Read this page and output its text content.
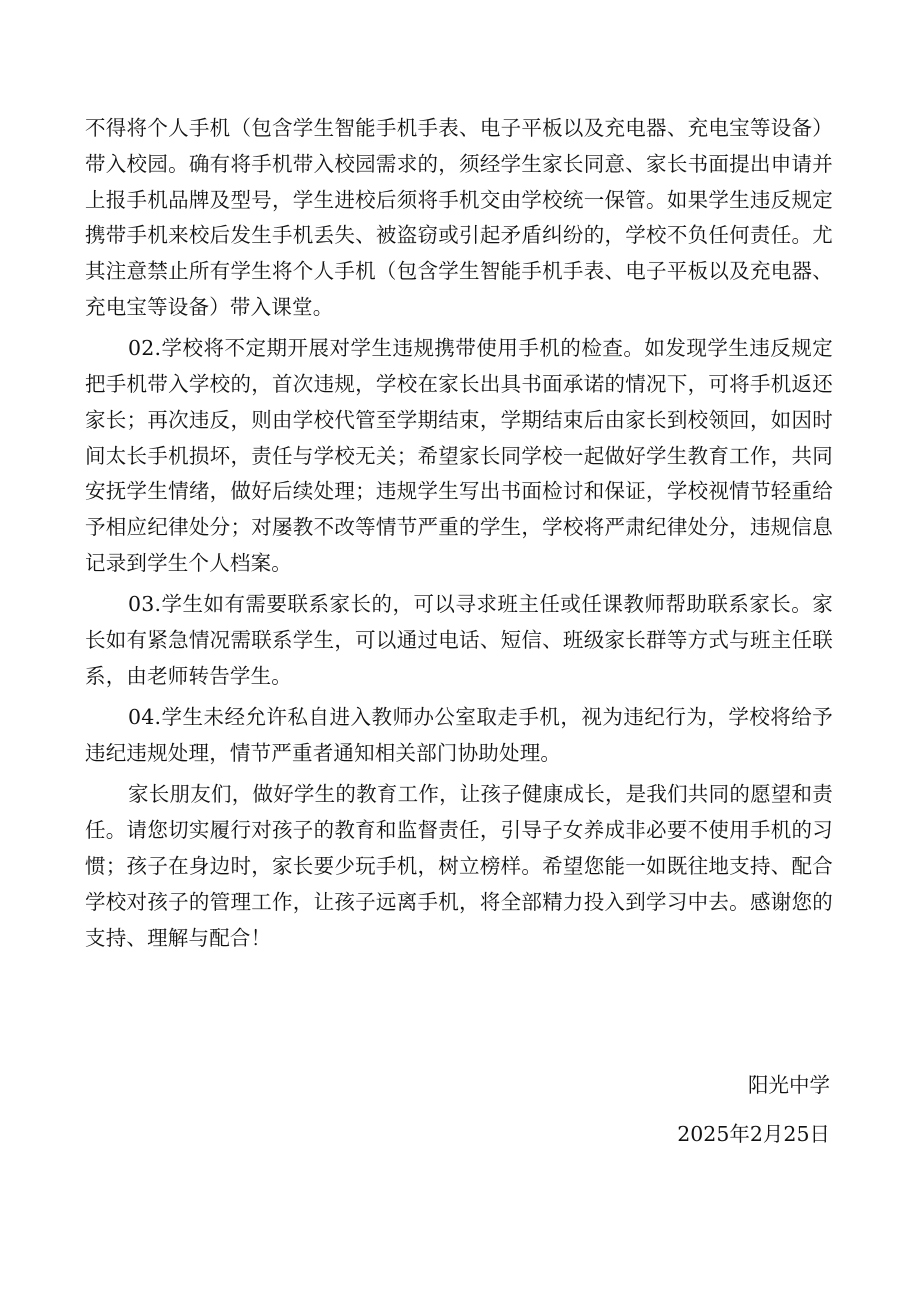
不得将个人手机（包含学生智能手机手表、电子平板以及充电器、充电宝等设备）带入校园。确有将手机带入校园需求的，须经学生家长同意、家长书面提出申请并上报手机品牌及型号，学生进校后须将手机交由学校统一保管。如果学生违反规定携带手机来校后发生手机丢失、被盗窃或引起矛盾纠纷的，学校不负任何责任。尤其注意禁止所有学生将个人手机（包含学生智能手机手表、电子平板以及充电器、充电宝等设备）带入课堂。

02.学校将不定期开展对学生违规携带使用手机的检查。如发现学生违反规定把手机带入学校的，首次违规，学校在家长出具书面承诺的情况下，可将手机返还家长；再次违反，则由学校代管至学期结束，学期结束后由家长到校领回，如因时间太长手机损坏，责任与学校无关；希望家长同学校一起做好学生教育工作，共同安抚学生情绪，做好后续处理；违规学生写出书面检讨和保证，学校视情节轻重给予相应纪律处分；对屡教不改等情节严重的学生，学校将严肃纪律处分，违规信息记录到学生个人档案。

03.学生如有需要联系家长的，可以寻求班主任或任课教师帮助联系家长。家长如有紧急情况需联系学生，可以通过电话、短信、班级家长群等方式与班主任联系，由老师转告学生。

04.学生未经允许私自进入教师办公室取走手机，视为违纪行为，学校将给予违纪违规处理，情节严重者通知相关部门协助处理。

家长朋友们，做好学生的教育工作，让孩子健康成长，是我们共同的愿望和责任。请您切实履行对孩子的教育和监督责任，引导子女养成非必要不使用手机的习惯；孩子在身边时，家长要少玩手机，树立榜样。希望您能一如既往地支持、配合学校对孩子的管理工作，让孩子远离手机，将全部精力投入到学习中去。感谢您的支持、理解与配合！

阳光中学
2025年2月25日
